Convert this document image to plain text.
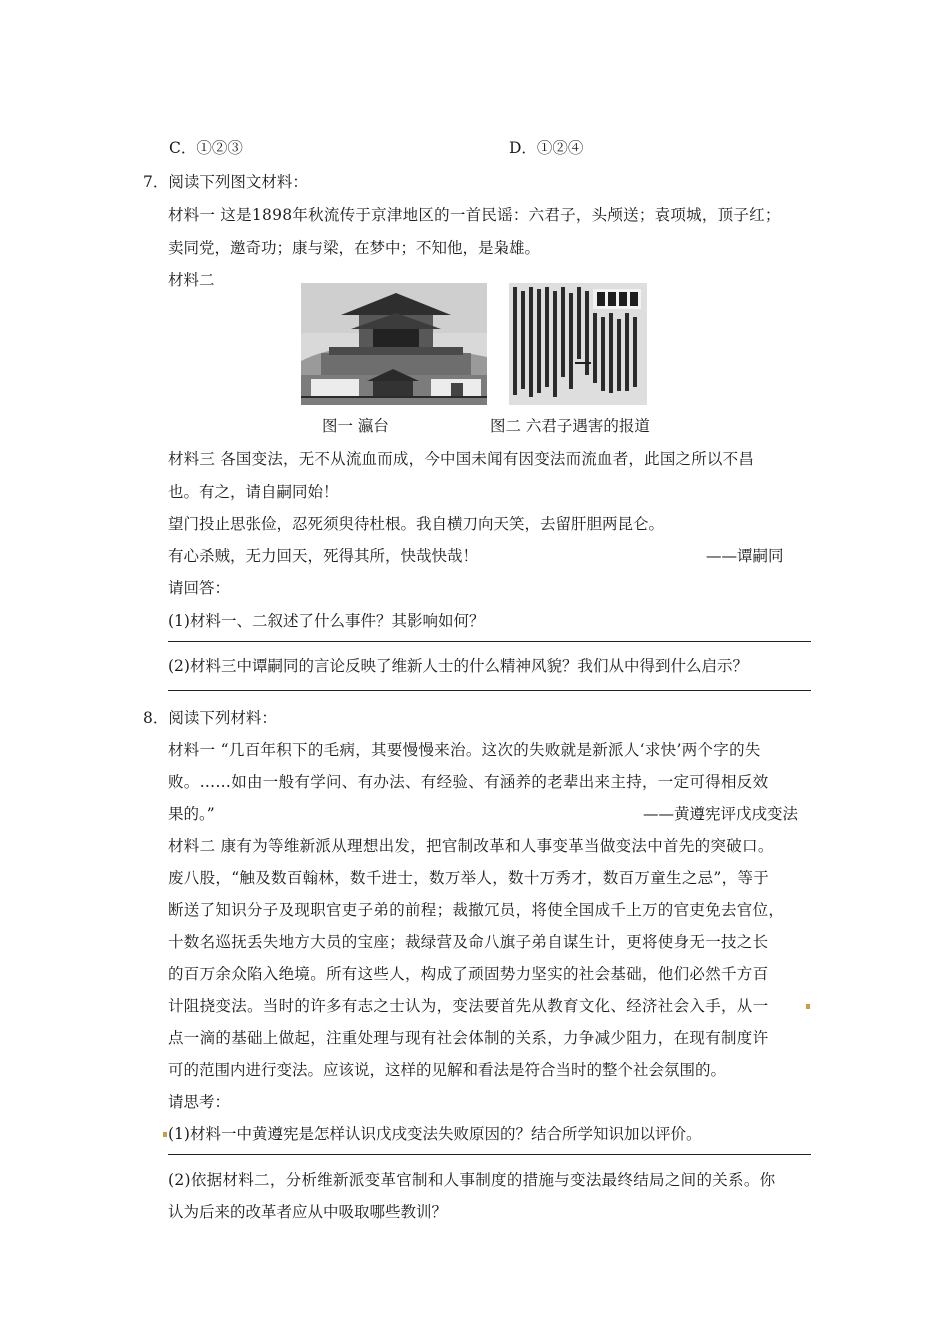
C．①②③	D．①②④
7．阅读下列图文材料：
材料一 这是1898年秋流传于京津地区的一首民谣：六君子，头颅送；袁项城，顶子红；
卖同党，邀奇功；康与梁，在梦中；不知他，是枭雄。
材料二
图一 瀛台	图二 六君子遇害的报道
材料三 各国变法，无不从流血而成，今中国未闻有因变法而流血者，此国之所以不昌
也。有之，请自嗣同始！
望门投止思张俭，忍死须臾待杜根。我自横刀向天笑，去留肝胆两昆仑。
有心杀贼，无力回天，死得其所，快哉快哉！	——谭嗣同
请回答：
(1)材料一、二叙述了什么事件？其影响如何？
(2)材料三中谭嗣同的言论反映了维新人士的什么精神风貌？我们从中得到什么启示？
8．阅读下列材料：
材料一 “几百年积下的毛病，其要慢慢来治。这次的失败就是新派人‘求快’两个字的失
败。……如由一般有学问、有办法、有经验、有涵养的老辈出来主持，一定可得相反效
果的。”	——黄遵宪评戊戌变法
材料二 康有为等维新派从理想出发，把官制改革和人事变革当做变法中首先的突破口。
废八股，“触及数百翰林，数千进士，数万举人，数十万秀才，数百万童生之忌”，等于
断送了知识分子及现职官吏子弟的前程；裁撤冗员，将使全国成千上万的官吏免去官位，
十数名巡抚丢失地方大员的宝座；裁绿营及命八旗子弟自谋生计，更将使身无一技之长
的百万余众陷入绝境。所有这些人，构成了顽固势力坚实的社会基础，他们必然千方百
计阻挠变法。当时的许多有志之士认为，变法要首先从教育文化、经济社会入手，从一
点一滴的基础上做起，注重处理与现有社会体制的关系，力争减少阻力，在现有制度许
可的范围内进行变法。应该说，这样的见解和看法是符合当时的整个社会氛围的。
请思考：
(1)材料一中黄遵宪是怎样认识戊戌变法失败原因的？结合所学知识加以评价。
(2)依据材料二，分析维新派变革官制和人事制度的措施与变法最终结局之间的关系。你
认为后来的改革者应从中吸取哪些教训？
